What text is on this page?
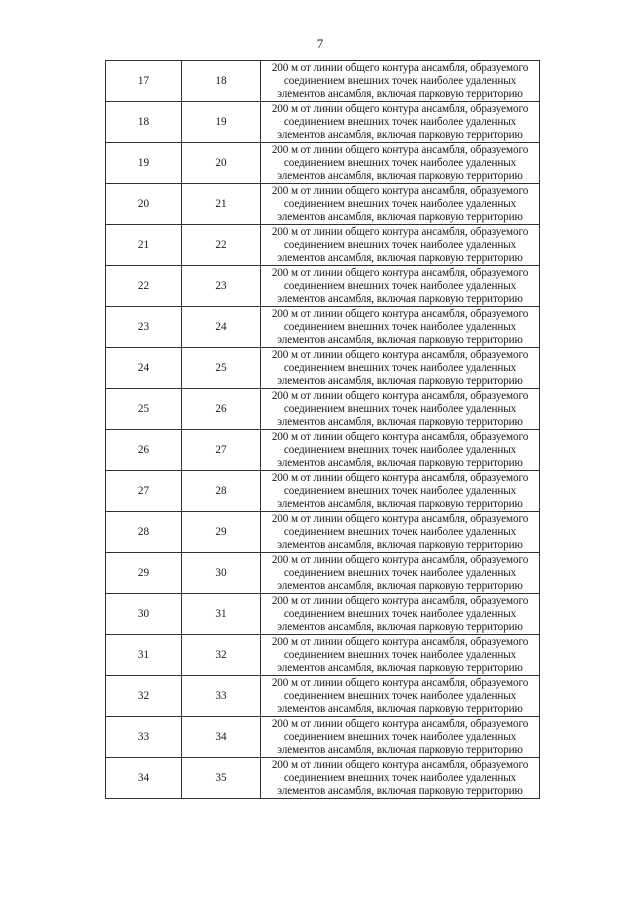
7
17	18	200 м от линии общего контура ансамбля, образуемого соединением внешних точек наиболее удаленных элементов ансамбля, включая парковую территорию
18	19	200 м от линии общего контура ансамбля, образуемого соединением внешних точек наиболее удаленных элементов ансамбля, включая парковую территорию
19	20	200 м от линии общего контура ансамбля, образуемого соединением внешних точек наиболее удаленных элементов ансамбля, включая парковую территорию
20	21	200 м от линии общего контура ансамбля, образуемого соединением внешних точек наиболее удаленных элементов ансамбля, включая парковую территорию
21	22	200 м от линии общего контура ансамбля, образуемого соединением внешних точек наиболее удаленных элементов ансамбля, включая парковую территорию
22	23	200 м от линии общего контура ансамбля, образуемого соединением внешних точек наиболее удаленных элементов ансамбля, включая парковую территорию
23	24	200 м от линии общего контура ансамбля, образуемого соединением внешних точек наиболее удаленных элементов ансамбля, включая парковую территорию
24	25	200 м от линии общего контура ансамбля, образуемого соединением внешних точек наиболее удаленных элементов ансамбля, включая парковую территорию
25	26	200 м от линии общего контура ансамбля, образуемого соединением внешних точек наиболее удаленных элементов ансамбля, включая парковую территорию
26	27	200 м от линии общего контура ансамбля, образуемого соединением внешних точек наиболее удаленных элементов ансамбля, включая парковую территорию
27	28	200 м от линии общего контура ансамбля, образуемого соединением внешних точек наиболее удаленных элементов ансамбля, включая парковую территорию
28	29	200 м от линии общего контура ансамбля, образуемого соединением внешних точек наиболее удаленных элементов ансамбля, включая парковую территорию
29	30	200 м от линии общего контура ансамбля, образуемого соединением внешних точек наиболее удаленных элементов ансамбля, включая парковую территорию
30	31	200 м от линии общего контура ансамбля, образуемого соединением внешних точек наиболее удаленных элементов ансамбля, включая парковую территорию
31	32	200 м от линии общего контура ансамбля, образуемого соединением внешних точек наиболее удаленных элементов ансамбля, включая парковую территорию
32	33	200 м от линии общего контура ансамбля, образуемого соединением внешних точек наиболее удаленных элементов ансамбля, включая парковую территорию
33	34	200 м от линии общего контура ансамбля, образуемого соединением внешних точек наиболее удаленных элементов ансамбля, включая парковую территорию
34	35	200 м от линии общего контура ансамбля, образуемого соединением внешних точек наиболее удаленных элементов ансамбля, включая парковую территорию
